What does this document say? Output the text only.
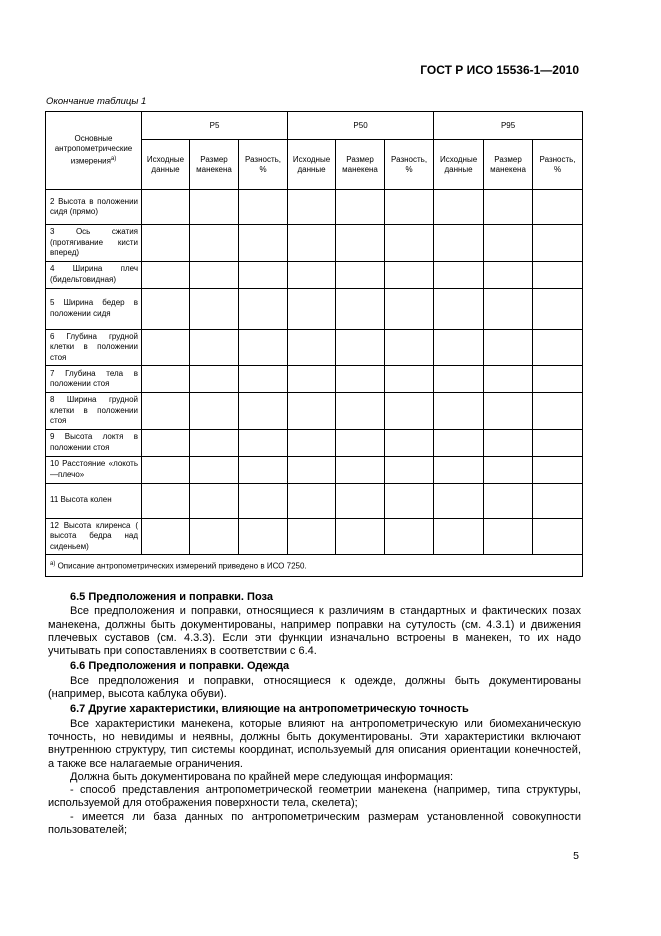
ГОСТ Р ИСО 15536-1—2010
Окончание таблицы 1
Основные антропометрические измерения$^{а)}$	P5			P50			P95		
	Исходные данные	Размер манекена	Разность, %	Исходные данные	Размер манекена	Разность, %	Исходные данные	Размер манекена	Разность, %
2 Высота в положении сидя (прямо)									
3 Ось сжатия (протягивание кисти вперед)									
4 Ширина плеч (бидельтовидная)									
5 Ширина бедер в положении сидя									
6 Глубина грудной клетки в положении стоя									
7 Глубина тела в положении стоя									
8 Ширина грудной клетки в положении стоя									
9 Высота локтя в положении стоя									
10 Расстояние «локоть—плечо»									
11 Высота колен									
12 Высота клиренса ( высота бедра над сиденьем)									
$^{а)}$ Описание антропометрических измерений приведено в ИСО 7250.									

6.5 Предположения и поправки. Поза

Все предположения и поправки, относящиеся к различиям в стандартных и фактических позах манекена, должны быть документированы, например поправки на сутулость (см. 4.3.1) и движения плечевых суставов (см. 4.3.3). Если эти функции изначально встроены в манекен, то их надо учитывать при сопоставлениях в соответствии с 6.4.

6.6 Предположения и поправки. Одежда

Все предположения и поправки, относящиеся к одежде, должны быть документированы (например, высота каблука обуви).

6.7 Другие характеристики, влияющие на антропометрическую точность

Все характеристики манекена, которые влияют на антропометрическую или биомеханическую точность, но невидимы и неявны, должны быть документированы. Эти характеристики включают внутреннюю структуру, тип системы координат, используемый для описания ориентации конечностей, а также все налагаемые ограничения.

Должна быть документирована по крайней мере следующая информация:

- способ представления антропометрической геометрии манекена (например, типа структуры, используемой для отображения поверхности тела, скелета);

- имеется ли база данных по антропометрическим размерам установленной совокупности пользователей;

5
